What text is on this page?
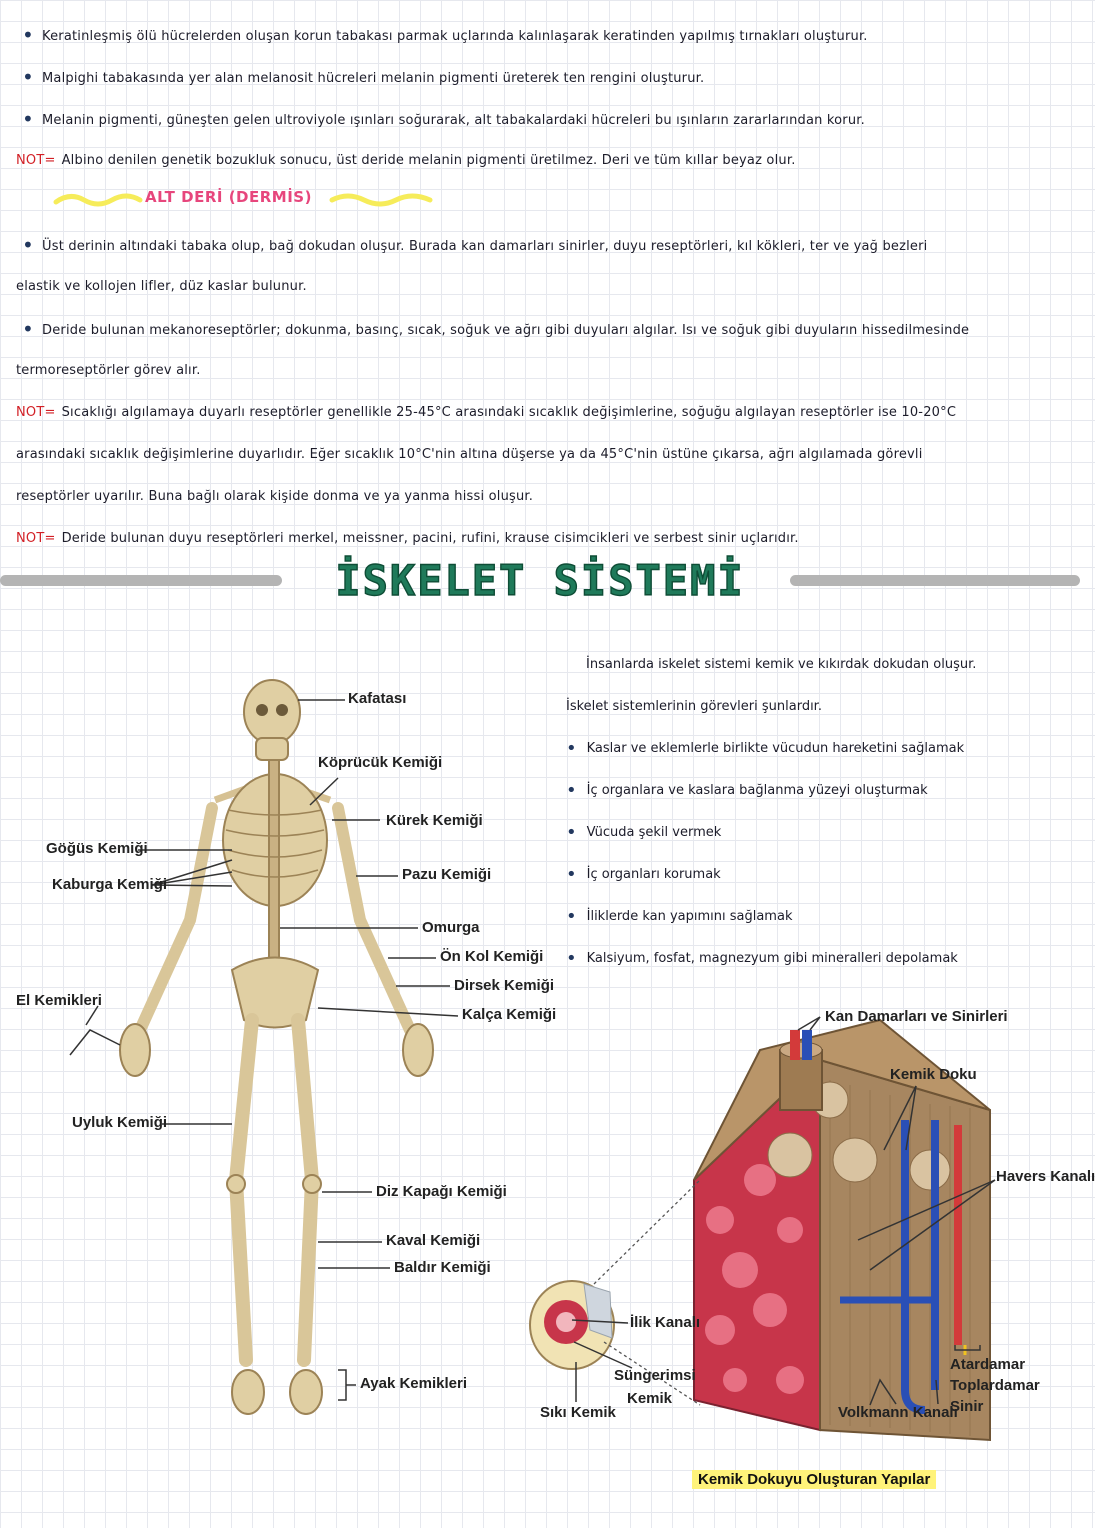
• Keratinleşmiş ölü hücrelerden oluşan korun tabakası parmak uçlarında kalınlaşarak keratinden yapılmış tırnakları oluşturur.
• Malpighi tabakasında yer alan melanosit hücreleri melanin pigmenti üreterek ten rengini oluşturur.
• Melanin pigmenti, güneşten gelen ultroviyole ışınları soğurarak, alt tabakalardaki hücreleri bu ışınların zararlarından korur.
NOT= Albino denilen genetik bozukluk sonucu, üst deride melanin pigmenti üretilmez. Deri ve tüm kıllar beyaz olur.
ALT DERİ (DERMİS)
• Üst derinin altındaki tabaka olup, bağ dokudan oluşur. Burada kan damarları sinirler, duyu reseptörleri, kıl kökleri, ter ve yağ bezleri
elastik ve kollojen lifler, düz kaslar bulunur.
• Deride bulunan mekanoreseptörler; dokunma, basınç, sıcak, soğuk ve ağrı gibi duyuları algılar. Isı ve soğuk gibi duyuların hissedilmesinde
termoreseptörler görev alır.
NOT= Sıcaklığı algılamaya duyarlı reseptörler genellikle 25-45°C arasındaki sıcaklık değişimlerine, soğuğu algılayan reseptörler ise 10-20°C
arasındaki sıcaklık değişimlerine duyarlıdır. Eğer sıcaklık 10°C'nin altına düşerse ya da 45°C'nin üstüne çıkarsa, ağrı algılamada görevli
reseptörler uyarılır. Buna bağlı olarak kişide donma ve ya yanma hissi oluşur.
NOT= Deride bulunan duyu reseptörleri merkel, meissner, pacini, rufini, krause cisimcikleri ve serbest sinir uçlarıdır.
İSKELET SİSTEMİ
İnsanlarda iskelet sistemi kemik ve kıkırdak dokudan oluşur.
İskelet sistemlerinin görevleri şunlardır.
• Kaslar ve eklemlerle birlikte vücudun hareketini sağlamak
• İç organlara ve kaslara bağlanma yüzeyi oluşturmak
• Vücuda şekil vermek
• İç organları korumak
• İliklerde kan yapımını sağlamak
• Kalsiyum, fosfat, magnezyum gibi mineralleri depolamak
Kafatası
Köprücük Kemiği
Kürek Kemiği
Göğüs Kemiği
Kaburga Kemiği
Pazu Kemiği
Omurga
Ön Kol Kemiği
Dirsek Kemiği
Kalça Kemiği
El Kemikleri
Uyluk Kemiği
Diz Kapağı Kemiği
Kaval Kemiği
Baldır Kemiği
Ayak Kemikleri
Kan Damarları ve Sinirleri
Kemik Doku
Havers Kanalı
İlik Kanalı
Süngerimsi
Kemik
Sıkı Kemik	Volkmann Kanalı
Atardamar
Toplardamar
Sinir
Kemik Dokuyu Oluşturan Yapılar
